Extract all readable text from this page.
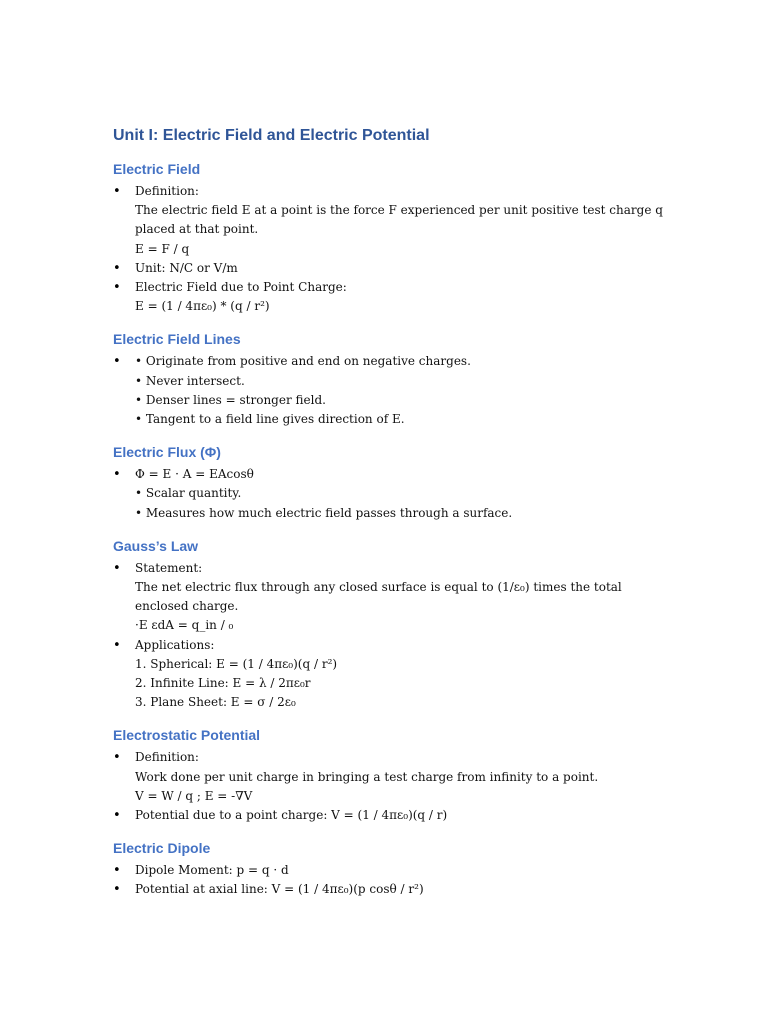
Unit I: Electric Field and Electric Potential
Electric Field
• Definition:
The electric field E at a point is the force F experienced per unit positive test charge q
placed at that point.
E = F / q
• Unit: N/C or V/m
• Electric Field due to Point Charge:
E = (1 / 4πε₀) * (q / r²)
Electric Field Lines
• • Originate from positive and end on negative charges.
• Never intersect.
• Denser lines = stronger field.
• Tangent to a field line gives direction of E.
Electric Flux (Φ)
• Φ = E · A = EAcosθ
• Scalar quantity.
• Measures how much electric field passes through a surface.
Gauss’s Law
• Statement:
The net electric flux through any closed surface is equal to (1/ε₀) times the total
enclosed charge.
·E εdA = q_in / ₀
• Applications:
1. Spherical: E = (1 / 4πε₀)(q / r²)
2. Infinite Line: E = λ / 2πε₀r
3. Plane Sheet: E = σ / 2ε₀
Electrostatic Potential
• Definition:
Work done per unit charge in bringing a test charge from infinity to a point.
V = W / q ; E = -∇V
• Potential due to a point charge: V = (1 / 4πε₀)(q / r)
Electric Dipole
• Dipole Moment: p = q · d
• Potential at axial line: V = (1 / 4πε₀)(p cosθ / r²)
